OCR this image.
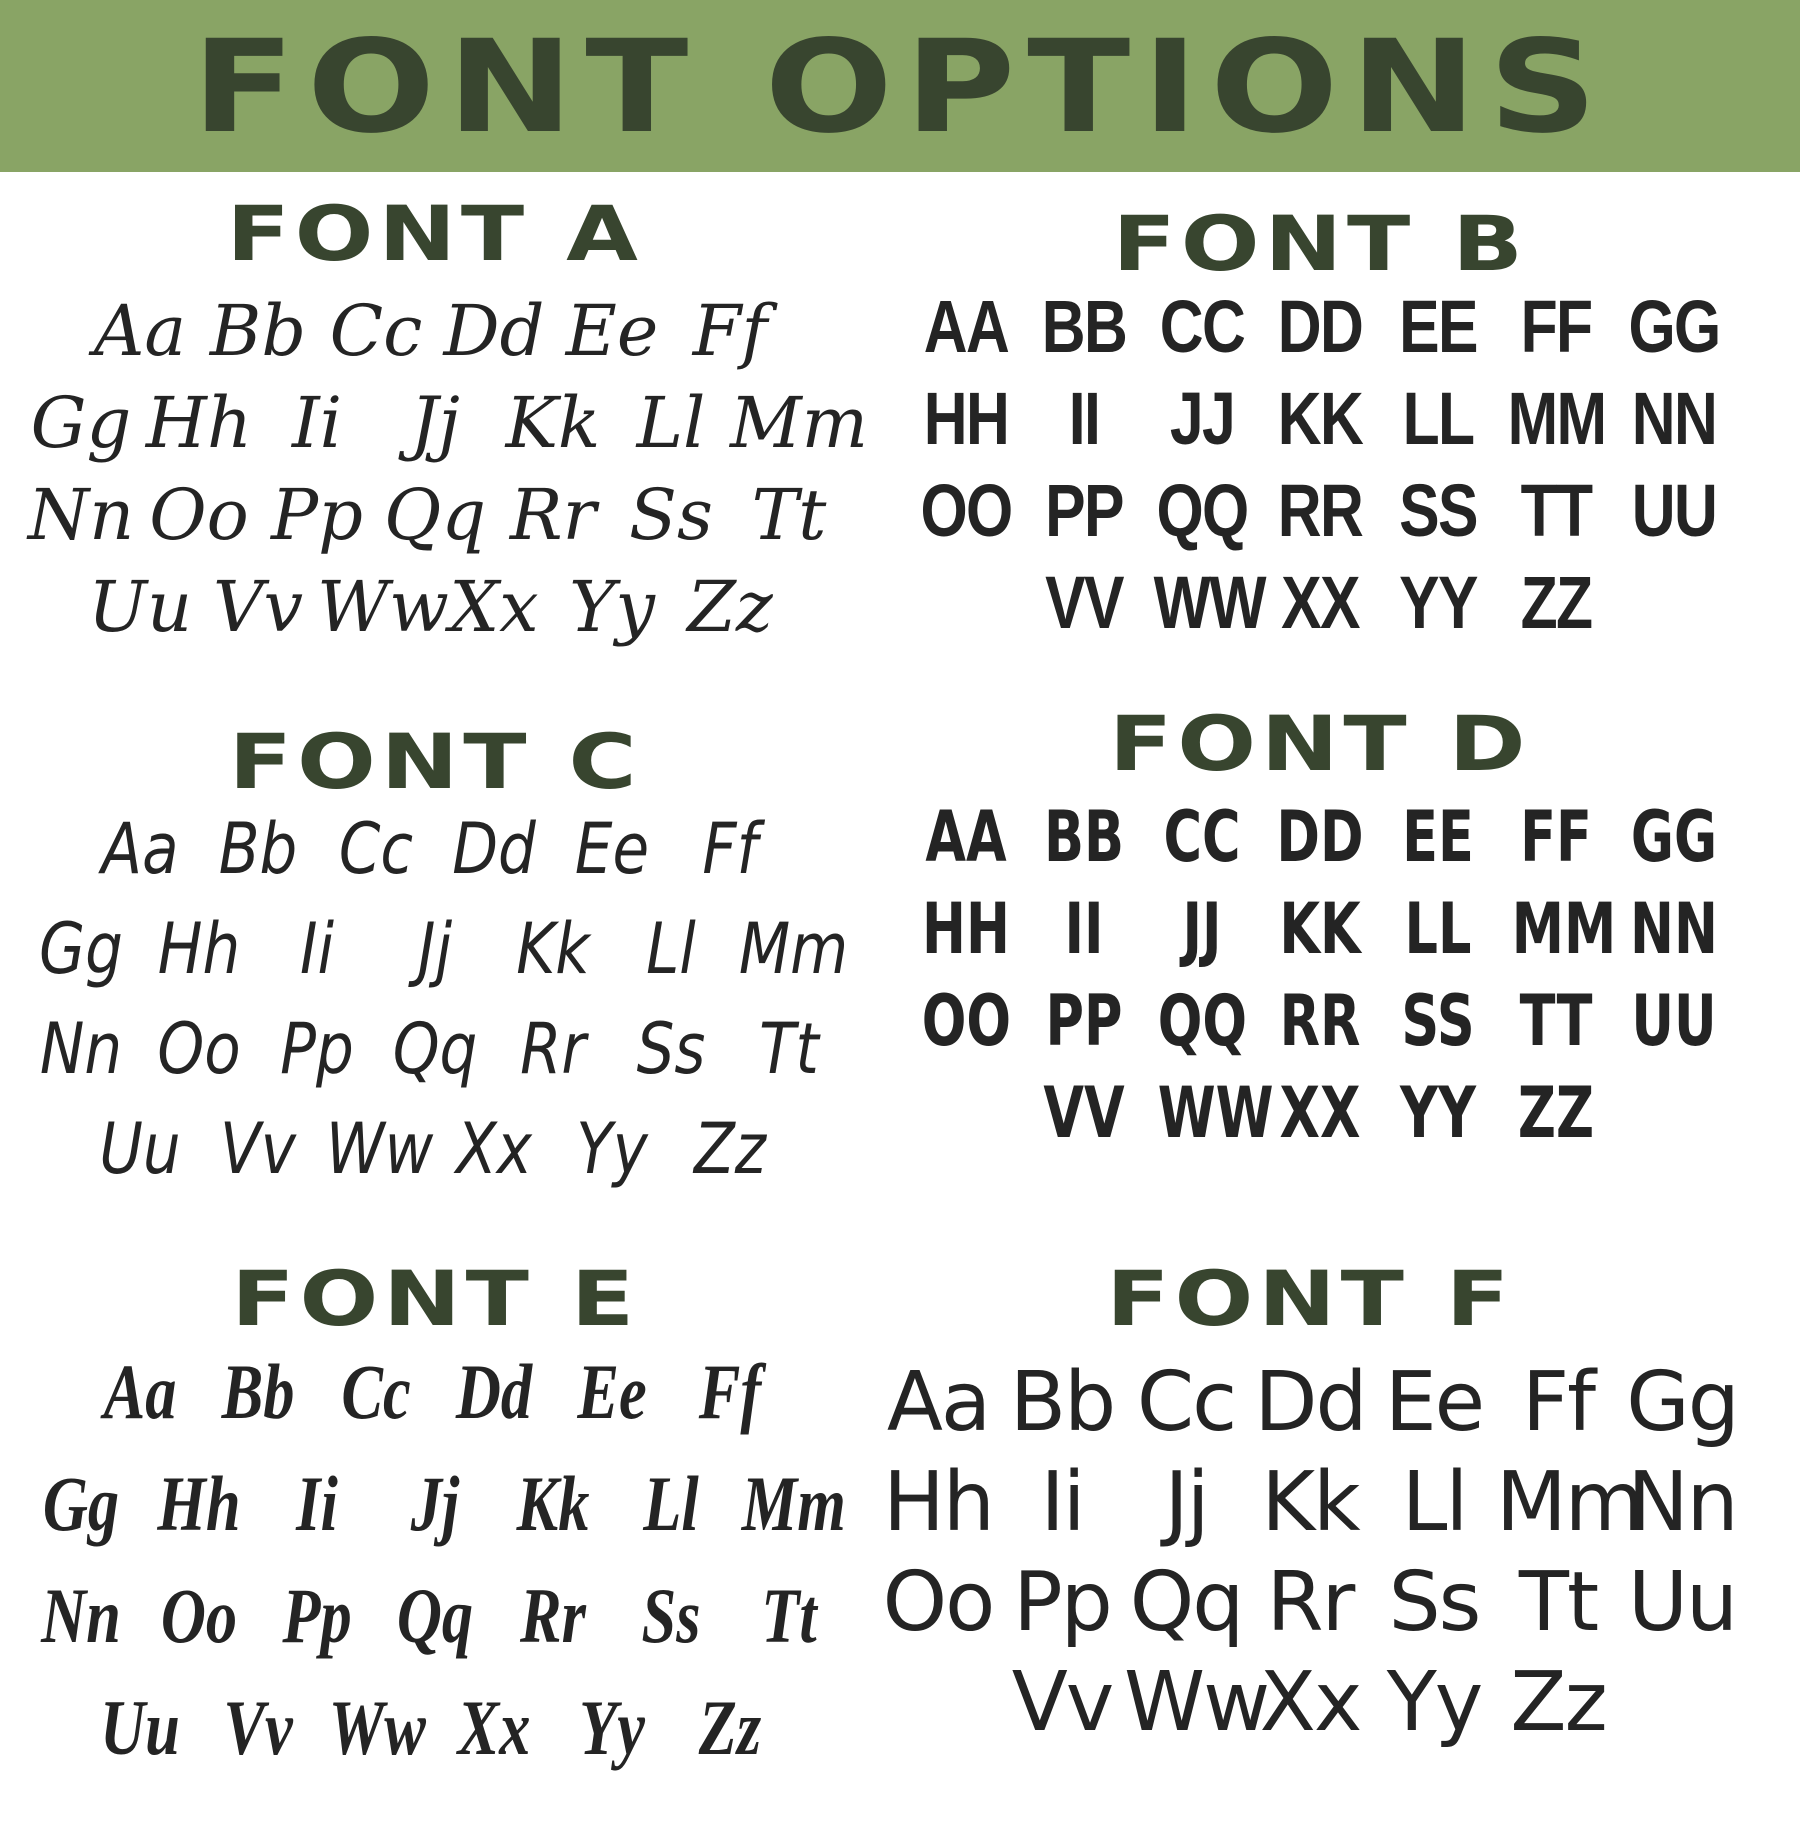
FONT OPTIONS
FONT A
Aa Bb Cc Dd Ee Ff
Gg Hh Ii Jj Kk Ll Mm
Nn Oo Pp Qq Rr Ss Tt
Uu Vv Ww Xx Yy Zz
FONT B
AA BB CC DD EE FF GG
HH II JJ KK LL MM NN
OO PP QQ RR SS TT UU
VV WW XX YY ZZ
FONT C
Aa Bb Cc Dd Ee Ff
Gg Hh Ii	Jj Kk Ll Mm
Nn Oo Pp Qq Rr Ss Tt
Uu Vv Ww Xx Yy Zz
FONT D
AA BB CC DD EE FF GG
HH II	JJ KK LL MM NN
OO PP QQ RR SS TT UU
VV WW XX YY ZZ
FONT E
Aa Bb Cc Dd Ee Ff
Gg Hh Ii Jj Kk Ll Mm
Nn Oo Pp Qq Rr Ss Tt
Uu Vv Ww Xx Yy Zz
FONT F
Aa Bb Cc Dd Ee Ff Gg
Hh Ii Jj Kk Ll Mm
Nn
Oo Pp Qq Rr Ss Tt Uu
Vv Ww
Xx Yy Zz
